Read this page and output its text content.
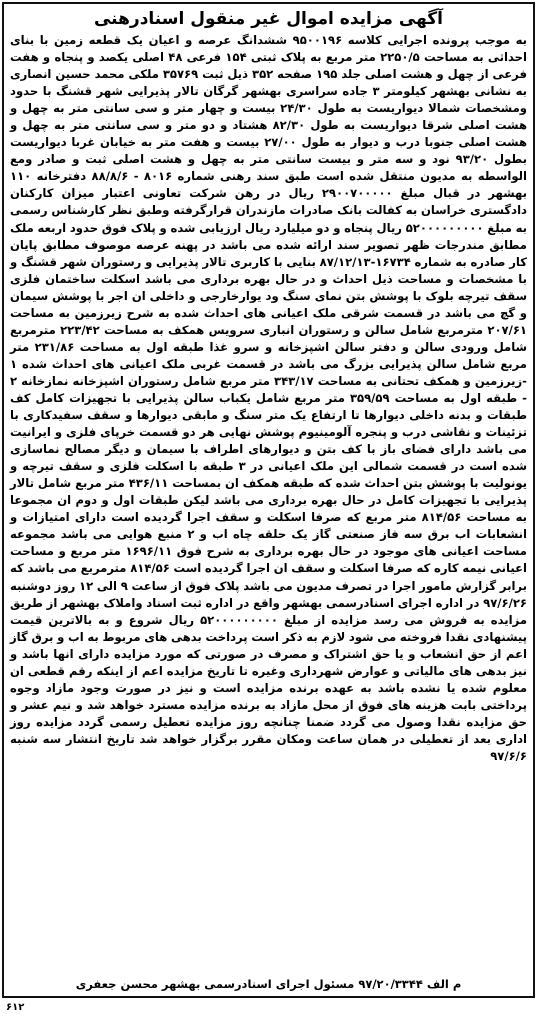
آگهی مزایده اموال غیر منقول اسنادرهنی
به موجب پرونده اجرایی کلاسه ۹۵۰۰۱۹۶ ششدانگ عرصه و اعیان یک قطعه زمین با بنای احداثی به مساحت ۲۲۵۰/۵ متر مربع به پلاک ثبتی ۱۵۴ فرعی ۴۸ اصلی یکصد و پنجاه و هفت فرعی از چهل و هشت اصلی جلد ۱۹۵ صفحه ۳۵۲ ذیل ثبت ۳۵۷۶۹ ملکی محمد حسین انصاری به نشانی بهشهر کیلومتر ۳ جاده سراسری بهشهر گرگان تالار پذیرایی شهر قشنگ با حدود ومشخصات شمالا دیواریست به طول ۲۴/۳۰ بیست و چهار متر و سی سانتی متر به چهل و هشت اصلی شرقا دیواریست به طول ۸۲/۳۰ هشتاد و دو متر و سی سانتی متر به چهل و هشت اصلی جنوبا درب و دیوار به طول ۲۷/۰۰ بیست و هفت متر به خیابان غربا دیواریست بطول ۹۳/۲۰ نود و سه متر و بیست سانتی متر به چهل و هشت اصلی ثبت و صادر ومع الواسطه به مدیون منتقل شده است طبق سند رهنی شماره ۸۰۱۶ - ۸۸/۸/۶ دفترخانه ۱۱۰ بهشهر در قبال مبلغ ۲۹۰۰۷۰۰۰۰۰ ریال در رهن شرکت تعاونی اعتبار میزان کارکنان دادگستری خراسان به کفالت بانک صادرات مازندران قرارگرفته وطبق نظر کارشناس رسمی به مبلغ ۵۲۰۰۰۰۰۰۰۰۰ ریال پنجاه و دو میلیارد ریال ارزیابی شده و پلاک فوق حدود اربعه ملک مطابق مندرجات ظهر تصویر سند ارائه شده می باشد در پهنه عرصه موصوف مطابق پایان کار صادره به شماره ۱۶۷۳۴-۸۷/۱۲/۱۳ بنایی با کاربری تالار پذیرایی و رستوران شهر قشنگ و با مشخصات و مساحت ذیل احداث و در حال بهره برداری می باشد اسکلت ساختمان فلزی سقف تیرچه بلوک با پوشش بتن نمای سنگ ود یوارخارجی و داخلی ان اجر با پوشش سیمان و گچ می باشد در قسمت شرقی ملک اعیانی های احداث شده به شرح زیرزمین به مساحت ۲۰۷/۶۱ مترمربع شامل سالن و رستوران انباری سرویس همکف به مساحت ۲۲۳/۴۲ مترمربع شامل ورودی سالن و دفتر سالن اشپزخانه و سرو غذا طبقه اول به مساحت ۲۳۱/۸۶ متر مربع شامل سالن پذیرایی بزرگ می باشد در قسمت غربی ملک اعیانی های احداث شده ۱ -زیرزمین و همکف تحتانی به مساحت ۳۴۳/۱۷ متر مربع شامل رستوران اشپزخانه نمازخانه ۲ - طبقه اول به مساحت ۳۵۹/۵۹ متر مربع شامل یکباب سالن پذیرایی با تجهیزات کامل کف طبقات و بدنه داخلی دیوارها تا ارتفاع یک متر سنگ و مابقی دیوارها و سقف سفیدکاری با تزئینات و نقاشی درب و پنجره آلومینیوم پوشش نهایی هر دو قسمت خرپای فلزی و ایرانیت می باشد دارای فضای باز با کف بتن و دیوارهای اطراف با سیمان و دیگر مصالح نماسازی شده است در قسمت شمالی این ملک اعیانی در ۳ طبقه با اسکلت فلزی و سقف تیرچه و یونولیت با پوشش بتن احداث شده که طبقه همکف ان بمساحت ۴۳۶/۱۱ متر مربع شامل تالار پذیرایی با تجهیزات کامل در حال بهره برداری می باشد لیکن طبقات اول و دوم ان مجموعا به مساحت ۸۱۴/۵۶ متر مربع که صرفا اسکلت و سقف اجرا گردیده است دارای امتیازات و انشعابات اب برق سه فاز صنعتی گاز یک حلقه چاه اب و ۲ منبع هوایی می باشد مجموعه مساحت اعیانی های موجود در حال بهره برداری به شرح فوق ۱۶۹۶/۱۱ متر مربع و مساحت اعیانی نیمه کاره که صرفا اسکلت و سقف ان اجرا گردیده است ۸۱۴/۵۶ مترمربع می باشد که برابر گزارش مامور اجرا در تصرف مدیون می باشد پلاک فوق از ساعت ۹ الی ۱۲ روز دوشنبه ۹۷/۶/۲۶ در اداره اجرای اسنادرسمی بهشهر واقع در اداره ثبت اسناد واملاک بهشهر از طریق مزایده به فروش می رسد مزایده از مبلغ ۵۲۰۰۰۰۰۰۰۰۰ ریال شروع و به بالاترین قیمت پیشنهادی نقدا فروخته می شود لازم به ذکر است پرداخت بدهی های مربوط به اب و برق گاز اعم از حق انشعاب و یا حق اشتراک و مصرف در صورتی که مورد مزایده دارای انها باشد و نیز بدهی های مالیاتی و عوارض شهرداری وغیره تا تاریخ مزایده اعم از اینکه رقم قطعی ان معلوم شده یا نشده باشد به عهده برنده مزایده است و نیز در صورت وجود مازاد وجوه پرداختی بابت هزینه های فوق از محل مازاد به برنده مزایده مسترد خواهد شد و نیم عشر و حق مزایده نقدا وصول می گردد ضمنا چنانچه روز مزایده تعطیل رسمی گردد مزایده روز اداری بعد از تعطیلی در همان ساعت ومکان مقرر برگزار خواهد شد تاریخ انتشار سه شنبه ۹۷/۶/۶
م الف ۹۷/۲۰/۳۳۴۴ مسئول اجرای اسنادرسمی بهشهر محسن جعفری
۶۱۲
